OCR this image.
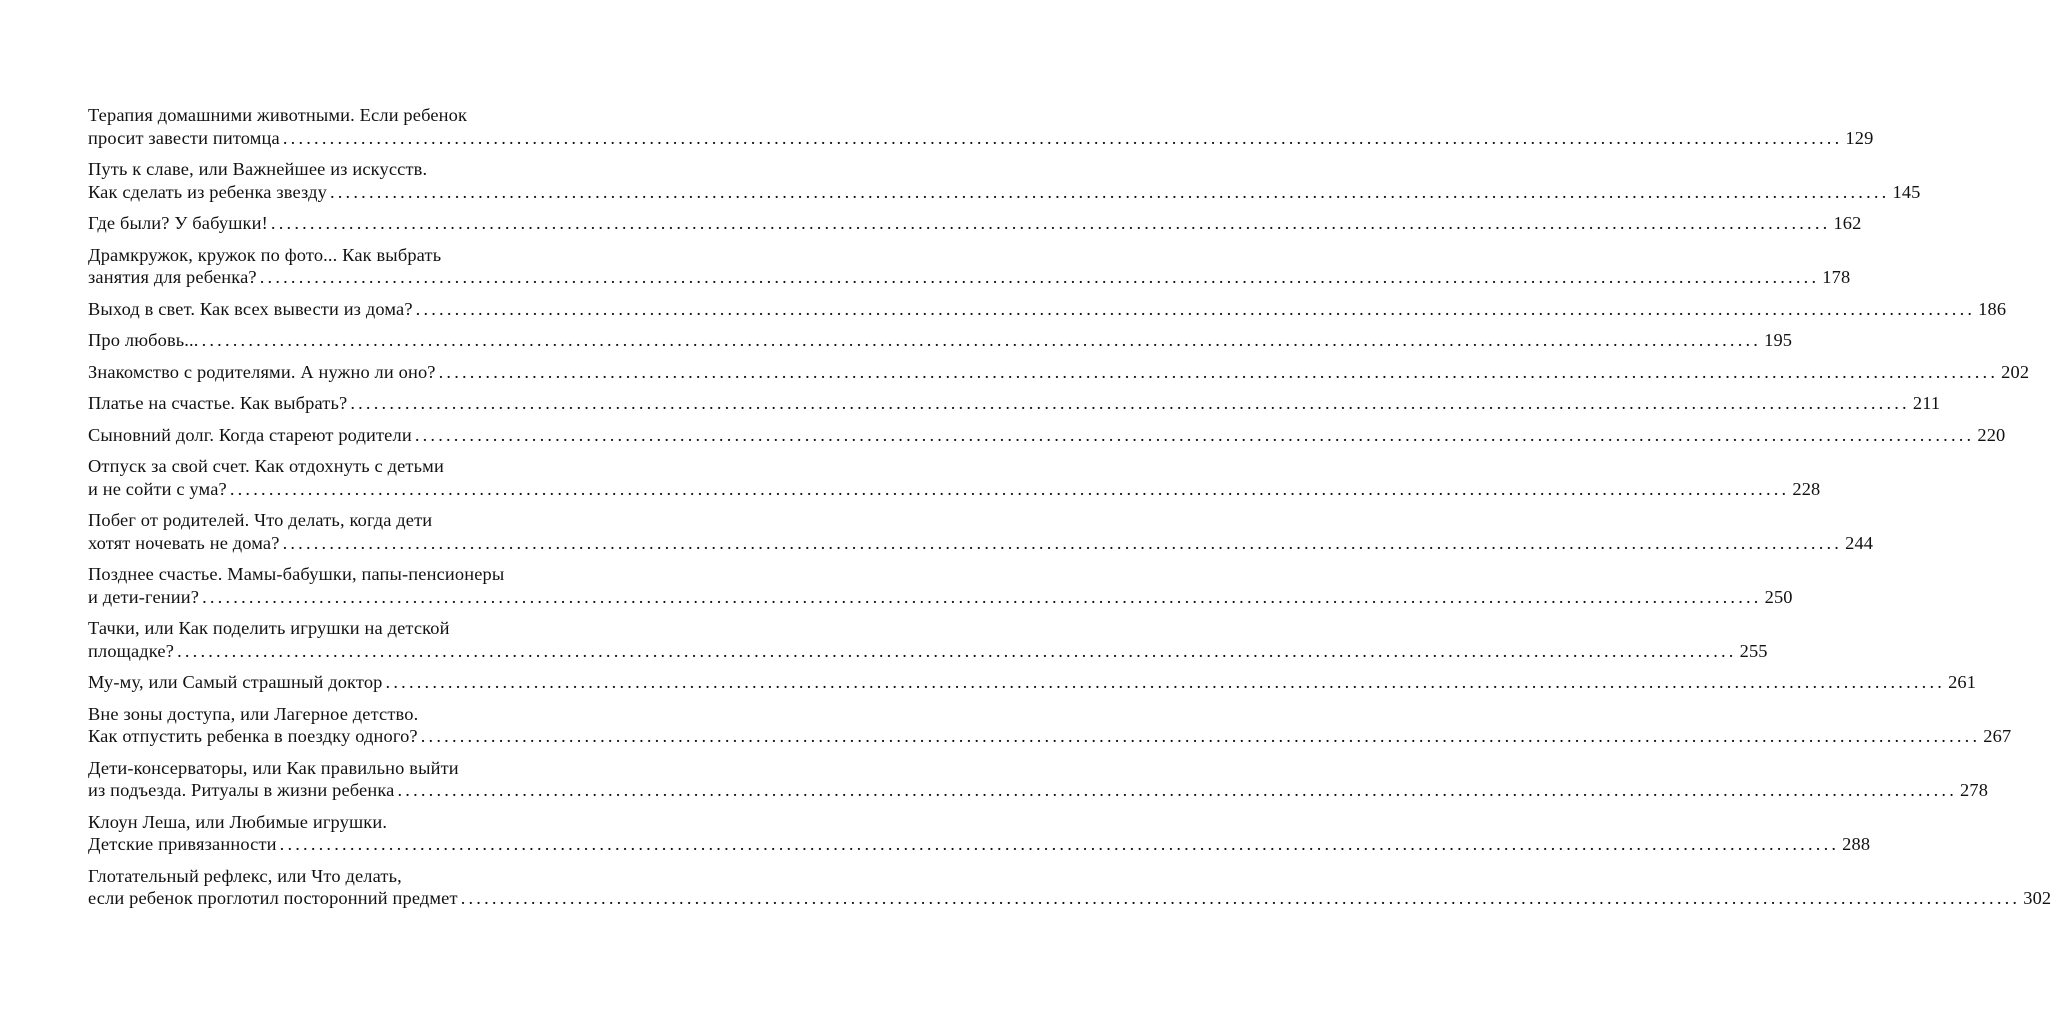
Терапия домашними животными. Если ребенок
просит завести питомца ........................................................................................................................................................................................................ 129
Путь к славе, или Важнейшее из искусств.
Как сделать из ребенка звезду ........................................................................................................................................................................................................ 145
Где были? У бабушки! ........................................................................................................................................................................................................ 162
Драмкружок, кружок по фото... Как выбрать
занятия для ребенка? ........................................................................................................................................................................................................ 178
Выход в свет. Как всех вывести из дома? ........................................................................................................................................................................................................ 186
Про любовь... ........................................................................................................................................................................................................ 195
Знакомство с родителями. А нужно ли оно? ........................................................................................................................................................................................................ 202
Платье на счастье. Как выбрать? ........................................................................................................................................................................................................ 211
Сыновний долг. Когда стареют родители ........................................................................................................................................................................................................ 220
Отпуск за свой счет. Как отдохнуть с детьми
и не сойти с ума? ........................................................................................................................................................................................................ 228
Побег от родителей. Что делать, когда дети
хотят ночевать не дома? ........................................................................................................................................................................................................ 244
Позднее счастье. Мамы-бабушки, папы-пенсионеры
и дети-гении? ........................................................................................................................................................................................................ 250
Тачки, или Как поделить игрушки на детской
площадке? ........................................................................................................................................................................................................ 255
Му-му, или Самый страшный доктор ........................................................................................................................................................................................................ 261
Вне зоны доступа, или Лагерное детство.
Как отпустить ребенка в поездку одного? ........................................................................................................................................................................................................ 267
Дети-консерваторы, или Как правильно выйти
из подъезда. Ритуалы в жизни ребенка ........................................................................................................................................................................................................ 278
Клоун Леша, или Любимые игрушки.
Детские привязанности ........................................................................................................................................................................................................ 288
Глотательный рефлекс, или Что делать,
если ребенок проглотил посторонний предмет ........................................................................................................................................................................................................ 302
